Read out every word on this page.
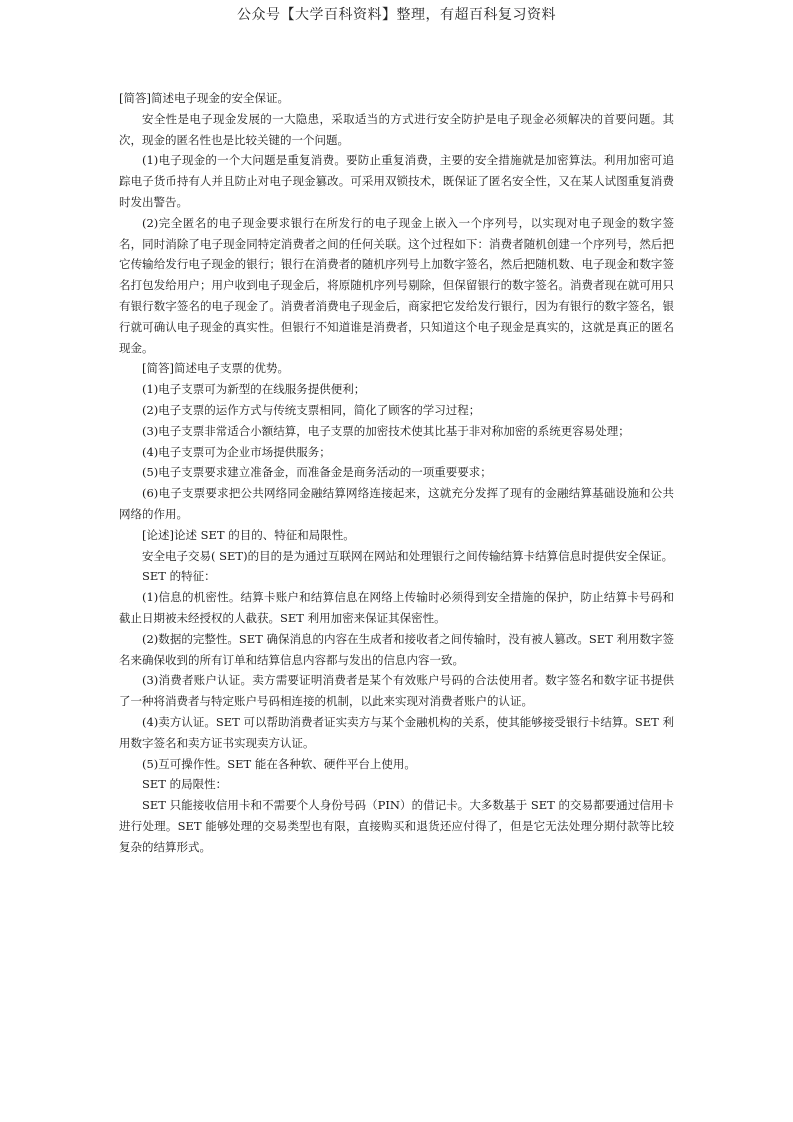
公众号【大学百科资料】整理，有超百科复习资料

[简答]简述电子现金的安全保证。

安全性是电子现金发展的一大隐患，采取适当的方式进行安全防护是电子现金必须解决的首要问题。其次，现金的匿名性也是比较关键的一个问题。

(1)电子现金的一个大问题是重复消费。要防止重复消费，主要的安全措施就是加密算法。利用加密可追踪电子货币持有人并且防止对电子现金篡改。可采用双锁技术，既保证了匿名安全性，又在某人试图重复消费时发出警告。

(2)完全匿名的电子现金要求银行在所发行的电子现金上嵌入一个序列号，以实现对电子现金的数字签名，同时消除了电子现金同特定消费者之间的任何关联。这个过程如下：消费者随机创建一个序列号，然后把它传输给发行电子现金的银行；银行在消费者的随机序列号上加数字签名，然后把随机数、电子现金和数字签名打包发给用户；用户收到电子现金后，将原随机序列号剔除，但保留银行的数字签名。消费者现在就可用只有银行数字签名的电子现金了。消费者消费电子现金后，商家把它发给发行银行，因为有银行的数字签名，银行就可确认电子现金的真实性。但银行不知道谁是消费者，只知道这个电子现金是真实的，这就是真正的匿名现金。

[简答]简述电子支票的优势。

(1)电子支票可为新型的在线服务提供便利；

(2)电子支票的运作方式与传统支票相同，简化了顾客的学习过程；

(3)电子支票非常适合小额结算，电子支票的加密技术使其比基于非对称加密的系统更容易处理；

(4)电子支票可为企业市场提供服务；

(5)电子支票要求建立准备金，而准备金是商务活动的一项重要要求；

(6)电子支票要求把公共网络同金融结算网络连接起来，这就充分发挥了现有的金融结算基础设施和公共网络的作用。

[论述]论述 SET 的目的、特征和局限性。

安全电子交易( SET)的目的是为通过互联网在网站和处理银行之间传输结算卡结算信息时提供安全保证。

SET 的特征：

(1)信息的机密性。结算卡账户和结算信息在网络上传输时必须得到安全措施的保护，防止结算卡号码和截止日期被未经授权的人截获。SET 利用加密来保证其保密性。

(2)数据的完整性。SET 确保消息的内容在生成者和接收者之间传输时，没有被人篡改。SET 利用数字签名来确保收到的所有订单和结算信息内容都与发出的信息内容一致。

(3)消费者账户认证。卖方需要证明消费者是某个有效账户号码的合法使用者。数字签名和数字证书提供了一种将消费者与特定账户号码相连接的机制，以此来实现对消费者账户的认证。

(4)卖方认证。SET 可以帮助消费者证实卖方与某个金融机构的关系，使其能够接受银行卡结算。SET 利用数字签名和卖方证书实现卖方认证。

(5)互可操作性。SET 能在各种软、硬件平台上使用。

SET 的局限性：

SET 只能接收信用卡和不需要个人身份号码（PIN）的借记卡。大多数基于 SET 的交易都要通过信用卡进行处理。SET 能够处理的交易类型也有限，直接购买和退货还应付得了，但是它无法处理分期付款等比较复杂的结算形式。
